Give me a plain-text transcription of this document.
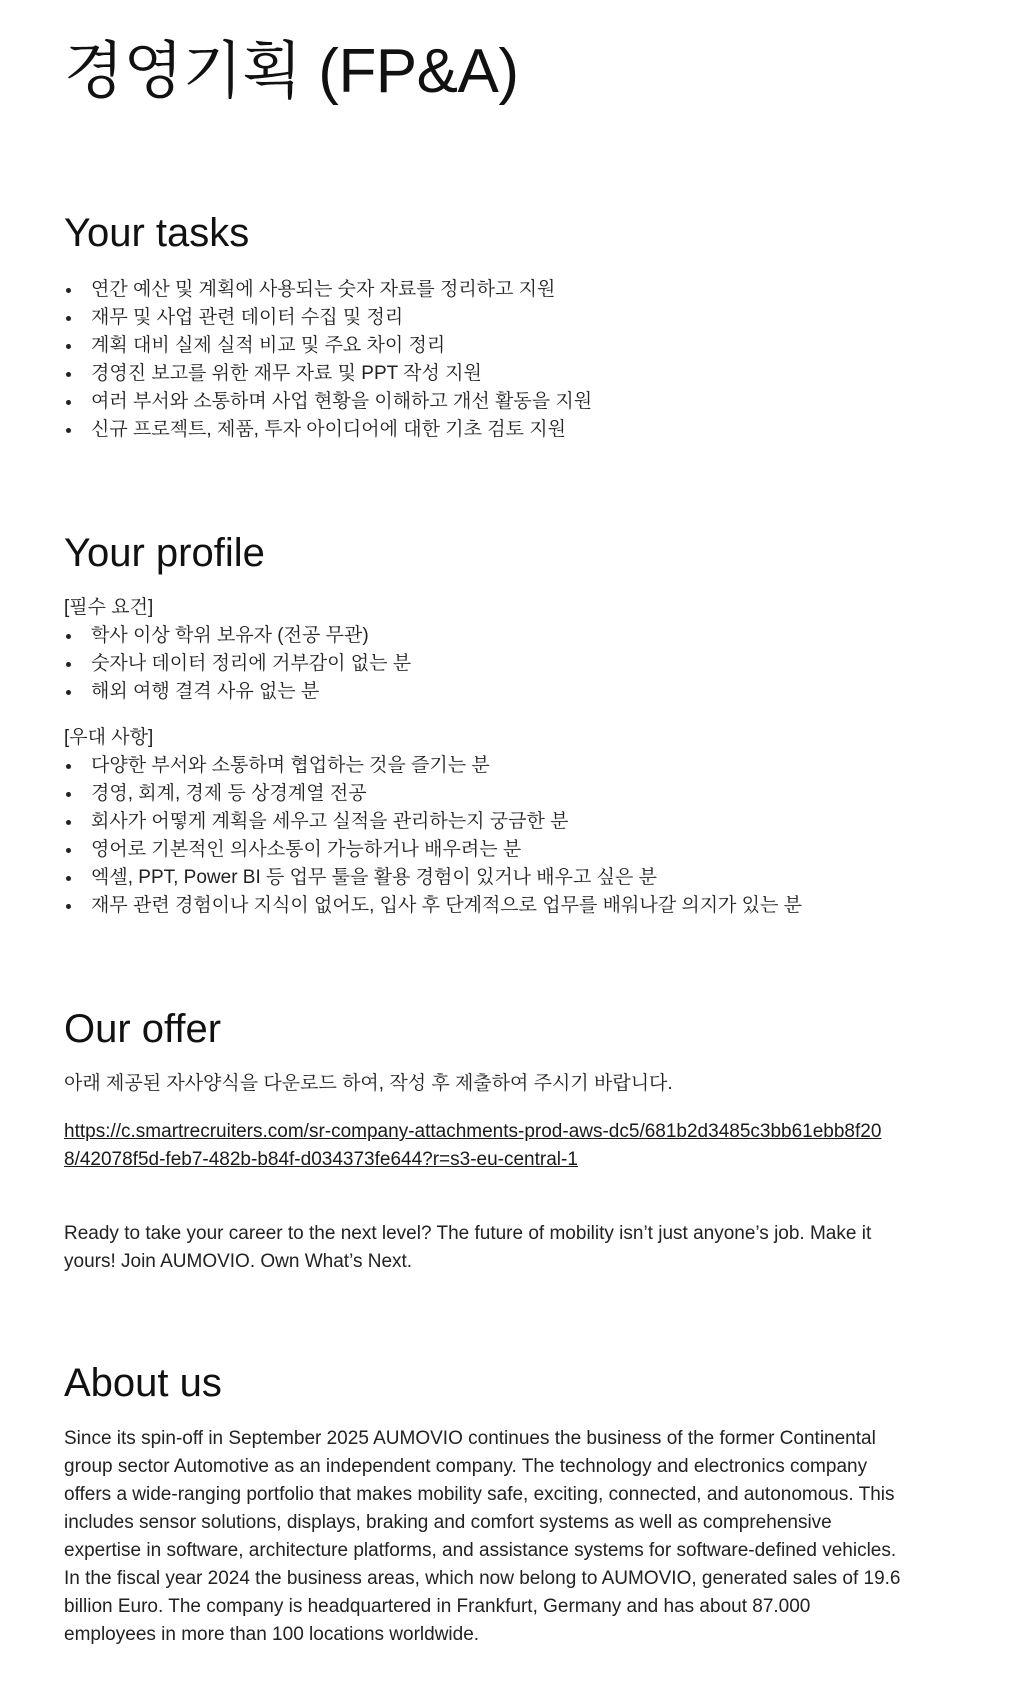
경영기획 (FP&A)
Your tasks
연간 예산 및 계획에 사용되는 숫자 자료를 정리하고 지원
재무 및 사업 관련 데이터 수집 및 정리
계획 대비 실제 실적 비교 및 주요 차이 정리
경영진 보고를 위한 재무 자료 및 PPT 작성 지원
여러 부서와 소통하며 사업 현황을 이해하고 개선 활동을 지원
신규 프로젝트, 제품, 투자 아이디어에 대한 기초 검토 지원
Your profile

[필수 요건]

학사 이상 학위 보유자 (전공 무관)
숫자나 데이터 정리에 거부감이 없는 분
해외 여행 결격 사유 없는 분

[우대 사항]

다양한 부서와 소통하며 협업하는 것을 즐기는 분
경영, 회계, 경제 등 상경계열 전공
회사가 어떻게 계획을 세우고 실적을 관리하는지 궁금한 분
영어로 기본적인 의사소통이 가능하거나 배우려는 분
엑셀, PPT, Power BI 등 업무 툴을 활용 경험이 있거나 배우고 싶은 분
재무 관련 경험이나 지식이 없어도, 입사 후 단계적으로 업무를 배워나갈 의지가 있는 분
Our offer

아래 제공된 자사양식을 다운로드 하여, 작성 후 제출하여 주시기 바랍니다.

https://c.smartrecruiters.com/sr-company-attachments-prod-aws-dc5/681b2d3485c3bb61ebb8f208/42078f5d-feb7-482b-b84f-d034373fe644?r=s3-eu-central-1

Ready to take your career to the next level? The future of mobility isn’t just anyone’s job. Make it yours! Join AUMOVIO. Own What’s Next.

About us

Since its spin-off in September 2025 AUMOVIO continues the business of the former Continental group sector Automotive as an independent company. The technology and electronics company offers a wide-ranging portfolio that makes mobility safe, exciting, connected, and autonomous. This includes sensor solutions, displays, braking and comfort systems as well as comprehensive expertise in software, architecture platforms, and assistance systems for software-defined vehicles. In the fiscal year 2024 the business areas, which now belong to AUMOVIO, generated sales of 19.6 billion Euro. The company is headquartered in Frankfurt, Germany and has about 87.000 employees in more than 100 locations worldwide.
